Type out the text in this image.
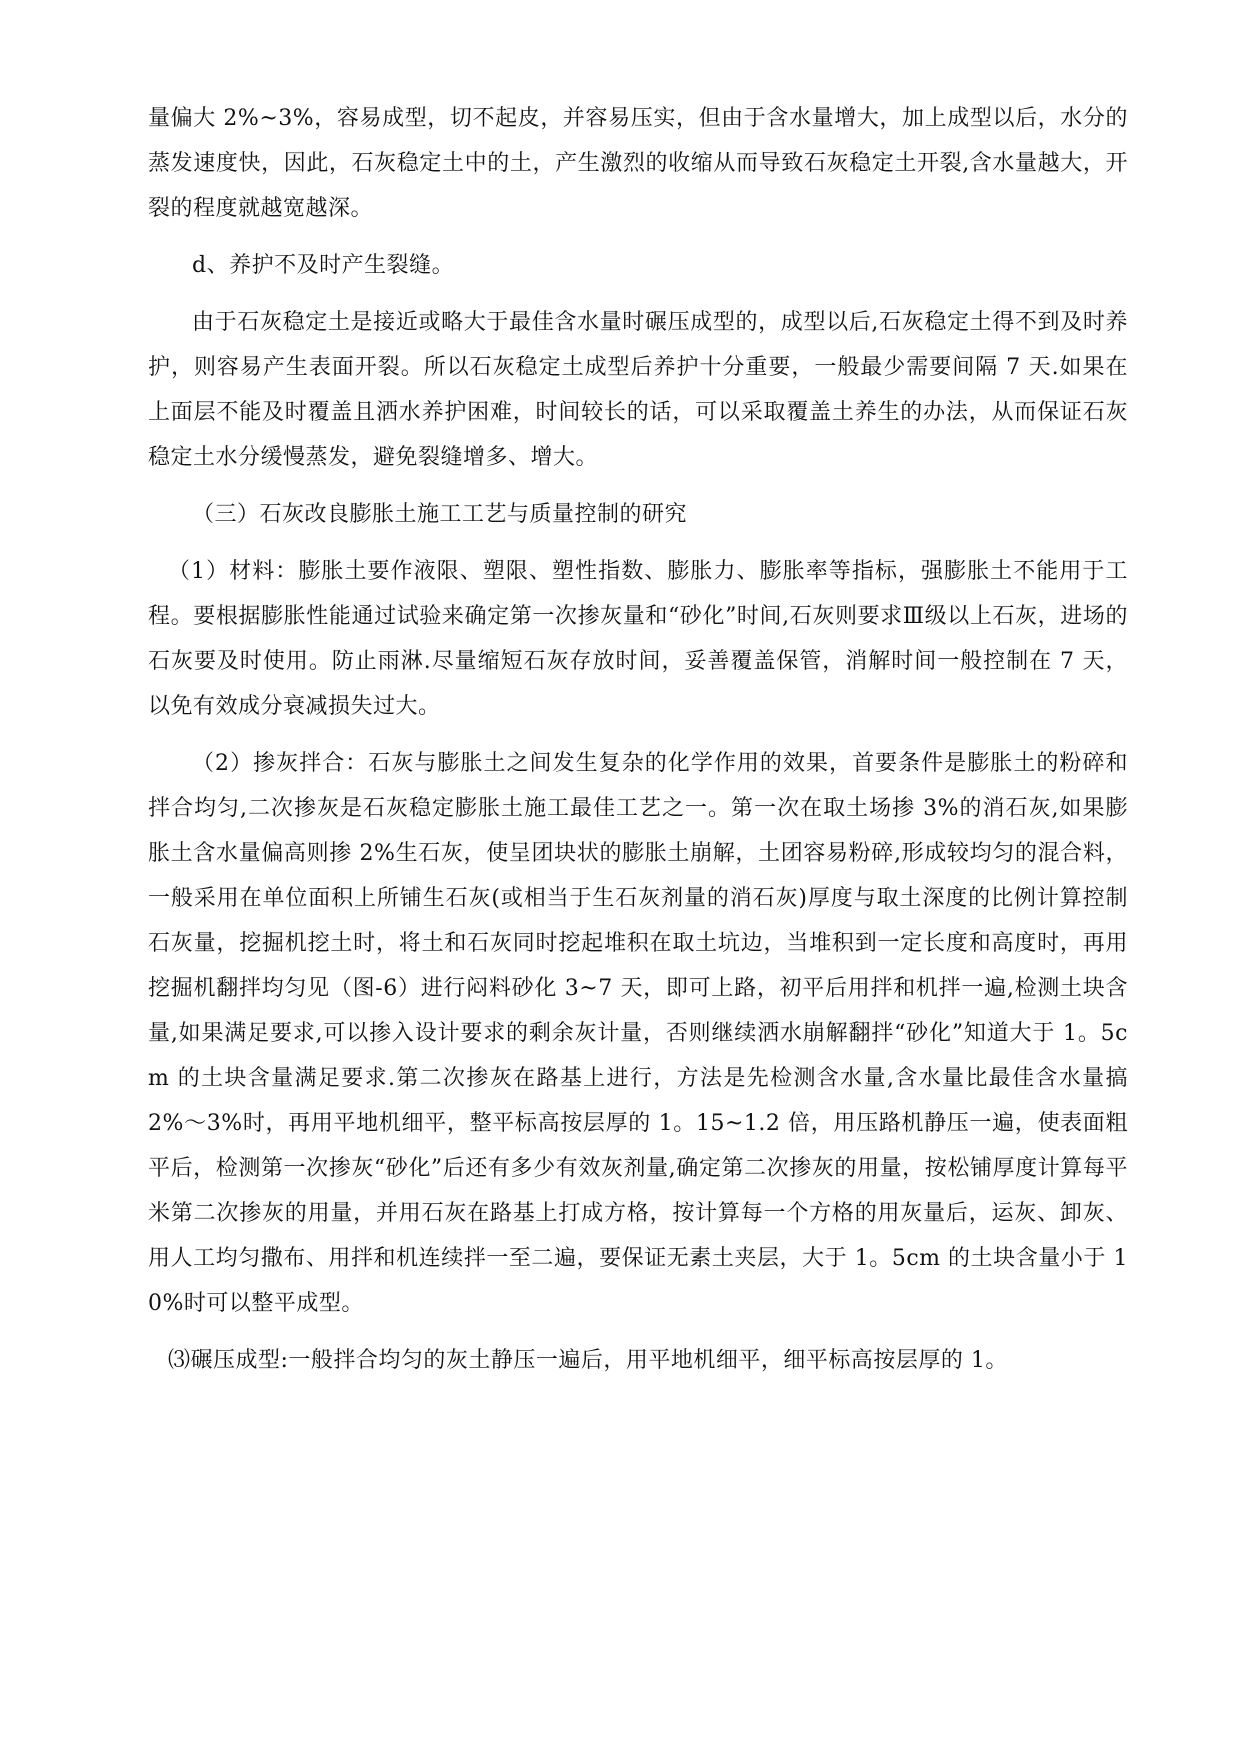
量偏大 2%~3%，容易成型，切不起皮，并容易压实，但由于含水量增大，加上成型以后，水分的蒸发速度快，因此，石灰稳定土中的土，产生激烈的收缩从而导致石灰稳定土开裂,含水量越大，开裂的程度就越宽越深。

d、养护不及时产生裂缝。

由于石灰稳定土是接近或略大于最佳含水量时碾压成型的，成型以后,石灰稳定土得不到及时养护，则容易产生表面开裂。所以石灰稳定土成型后养护十分重要，一般最少需要间隔 7 天.如果在上面层不能及时覆盖且洒水养护困难，时间较长的话，可以采取覆盖土养生的办法，从而保证石灰稳定土水分缓慢蒸发，避免裂缝增多、增大。

（三）石灰改良膨胀土施工工艺与质量控制的研究

（1）材料：膨胀土要作液限、塑限、塑性指数、膨胀力、膨胀率等指标，强膨胀土不能用于工程。要根据膨胀性能通过试验来确定第一次掺灰量和“砂化”时间,石灰则要求Ⅲ级以上石灰，进场的石灰要及时使用。防止雨淋.尽量缩短石灰存放时间，妥善覆盖保管，消解时间一般控制在 7 天，以免有效成分衰减损失过大。

（2）掺灰拌合：石灰与膨胀土之间发生复杂的化学作用的效果，首要条件是膨胀土的粉碎和拌合均匀,二次掺灰是石灰稳定膨胀土施工最佳工艺之一。第一次在取土场掺 3%的消石灰,如果膨胀土含水量偏高则掺 2%生石灰，使呈团块状的膨胀土崩解，土团容易粉碎,形成较均匀的混合料，一般采用在单位面积上所铺生石灰(或相当于生石灰剂量的消石灰)厚度与取土深度的比例计算控制石灰量，挖掘机挖土时，将土和石灰同时挖起堆积在取土坑边，当堆积到一定长度和高度时，再用挖掘机翻拌均匀见（图-6）进行闷料砂化 3~7 天，即可上路，初平后用拌和机拌一遍,检测土块含量,如果满足要求,可以掺入设计要求的剩余灰计量，否则继续洒水崩解翻拌“砂化”知道大于 1。5cm 的土块含量满足要求.第二次掺灰在路基上进行，方法是先检测含水量,含水量比最佳含水量搞 2%～3%时，再用平地机细平，整平标高按层厚的 1。15~1.2 倍，用压路机静压一遍，使表面粗平后，检测第一次掺灰“砂化”后还有多少有效灰剂量,确定第二次掺灰的用量，按松铺厚度计算每平米第二次掺灰的用量，并用石灰在路基上打成方格，按计算每一个方格的用灰量后，运灰、卸灰、用人工均匀撒布、用拌和机连续拌一至二遍，要保证无素土夹层，大于 1。5cm 的土块含量小于 10%时可以整平成型。

⑶碾压成型:一般拌合均匀的灰土静压一遍后，用平地机细平，细平标高按层厚的 1。
